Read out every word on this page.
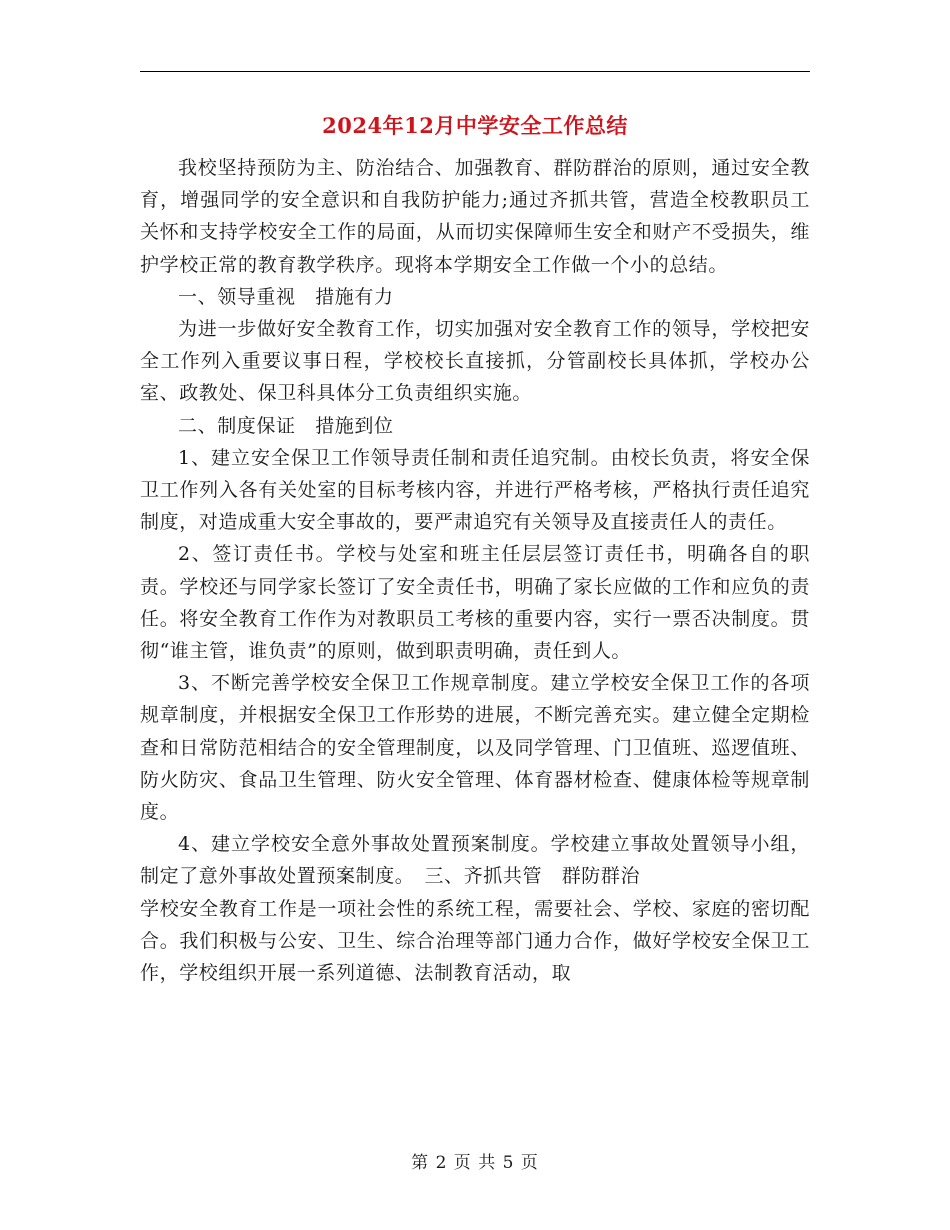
2024年12月中学安全工作总结

我校坚持预防为主、防治结合、加强教育、群防群治的原则，通过安全教育，增强同学的安全意识和自我防护能力;通过齐抓共管，营造全校教职员工关怀和支持学校安全工作的局面，从而切实保障师生安全和财产不受损失，维护学校正常的教育教学秩序。现将本学期安全工作做一个小的总结。

一、领导重视　措施有力

为进一步做好安全教育工作，切实加强对安全教育工作的领导，学校把安全工作列入重要议事日程，学校校长直接抓，分管副校长具体抓，学校办公室、政教处、保卫科具体分工负责组织实施。

二、制度保证　措施到位

1、建立安全保卫工作领导责任制和责任追究制。由校长负责，将安全保卫工作列入各有关处室的目标考核内容，并进行严格考核，严格执行责任追究制度，对造成重大安全事故的，要严肃追究有关领导及直接责任人的责任。

2、签订责任书。学校与处室和班主任层层签订责任书，明确各自的职责。学校还与同学家长签订了安全责任书，明确了家长应做的工作和应负的责任。将安全教育工作作为对教职员工考核的重要内容，实行一票否决制度。贯彻“谁主管，谁负责”的原则，做到职责明确，责任到人。

3、不断完善学校安全保卫工作规章制度。建立学校安全保卫工作的各项规章制度，并根据安全保卫工作形势的进展，不断完善充实。建立健全定期检查和日常防范相结合的安全管理制度，以及同学管理、门卫值班、巡逻值班、防火防灾、食品卫生管理、防火安全管理、体育器材检查、健康体检等规章制度。

4、建立学校安全意外事故处置预案制度。学校建立事故处置领导小组，制定了意外事故处置预案制度。　三、齐抓共管　群防群治

学校安全教育工作是一项社会性的系统工程，需要社会、学校、家庭的密切配合。我们积极与公安、卫生、综合治理等部门通力合作，做好学校安全保卫工作，学校组织开展一系列道德、法制教育活动，取

第 2 页 共 5 页
